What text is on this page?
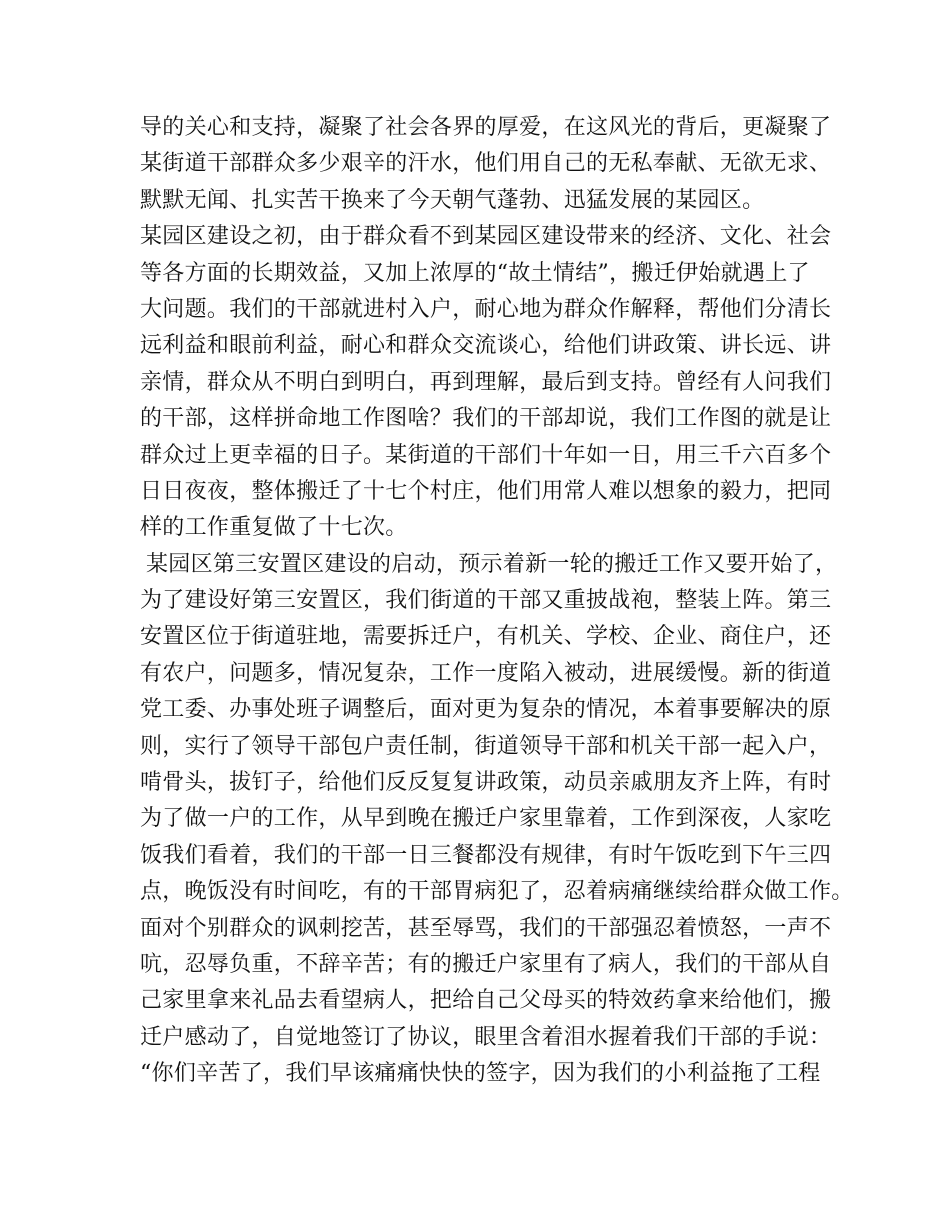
导的关心和支持，凝聚了社会各界的厚爱，在这风光的背后，更凝聚了
某街道干部群众多少艰辛的汗水，他们用自己的无私奉献、无欲无求、
默默无闻、扎实苦干换来了今天朝气蓬勃、迅猛发展的某园区。
某园区建设之初，由于群众看不到某园区建设带来的经济、文化、社会
等各方面的长期效益，又加上浓厚的“故土情结”，搬迁伊始就遇上了
大问题。我们的干部就进村入户，耐心地为群众作解释，帮他们分清长
远利益和眼前利益，耐心和群众交流谈心，给他们讲政策、讲长远、讲
亲情，群众从不明白到明白，再到理解，最后到支持。曾经有人问我们
的干部，这样拼命地工作图啥？我们的干部却说，我们工作图的就是让
群众过上更幸福的日子。某街道的干部们十年如一日，用三千六百多个
日日夜夜，整体搬迁了十七个村庄，他们用常人难以想象的毅力，把同
样的工作重复做了十七次。
某园区第三安置区建设的启动，预示着新一轮的搬迁工作又要开始了，
为了建设好第三安置区，我们街道的干部又重披战袍，整装上阵。第三
安置区位于街道驻地，需要拆迁户，有机关、学校、企业、商住户，还
有农户，问题多，情况复杂，工作一度陷入被动，进展缓慢。新的街道
党工委、办事处班子调整后，面对更为复杂的情况，本着事要解决的原
则，实行了领导干部包户责任制，街道领导干部和机关干部一起入户，
啃骨头，拔钉子，给他们反反复复讲政策，动员亲戚朋友齐上阵，有时
为了做一户的工作，从早到晚在搬迁户家里靠着，工作到深夜，人家吃
饭我们看着，我们的干部一日三餐都没有规律，有时午饭吃到下午三四
点，晚饭没有时间吃，有的干部胃病犯了，忍着病痛继续给群众做工作。
面对个别群众的讽刺挖苦，甚至辱骂，我们的干部强忍着愤怒，一声不
吭，忍辱负重，不辞辛苦；有的搬迁户家里有了病人，我们的干部从自
己家里拿来礼品去看望病人，把给自己父母买的特效药拿来给他们，搬
迁户感动了，自觉地签订了协议，眼里含着泪水握着我们干部的手说：
“你们辛苦了，我们早该痛痛快快的签字，因为我们的小利益拖了工程
